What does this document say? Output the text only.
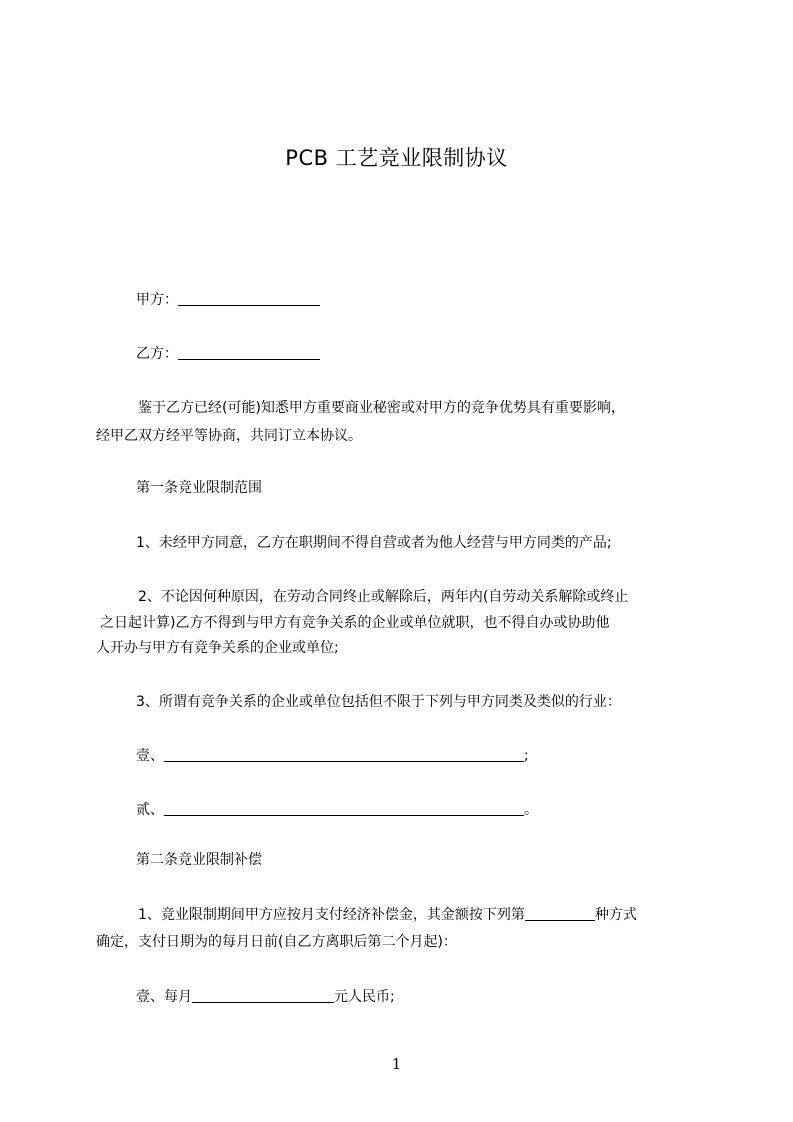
PCB 工艺竞业限制协议
甲方：
乙方：
鉴于乙方已经(可能)知悉甲方重要商业秘密或对甲方的竞争优势具有重要影响，
经甲乙双方经平等协商，共同订立本协议。
第一条竞业限制范围
1、未经甲方同意，乙方在职期间不得自营或者为他人经营与甲方同类的产品;
2、不论因何种原因，在劳动合同终止或解除后，两年内(自劳动关系解除或终止
之日起计算)乙方不得到与甲方有竞争关系的企业或单位就职，也不得自办或协助他
人开办与甲方有竞争关系的企业或单位;
3、所谓有竞争关系的企业或单位包括但不限于下列与甲方同类及类似的行业：
壹、	;
贰、	。
第二条竞业限制补偿
1、竞业限制期间甲方应按月支付经济补偿金，其金额按下列第	种方式
确定，支付日期为的每月日前(自乙方离职后第二个月起)：
壹、每月	元人民币;
1
